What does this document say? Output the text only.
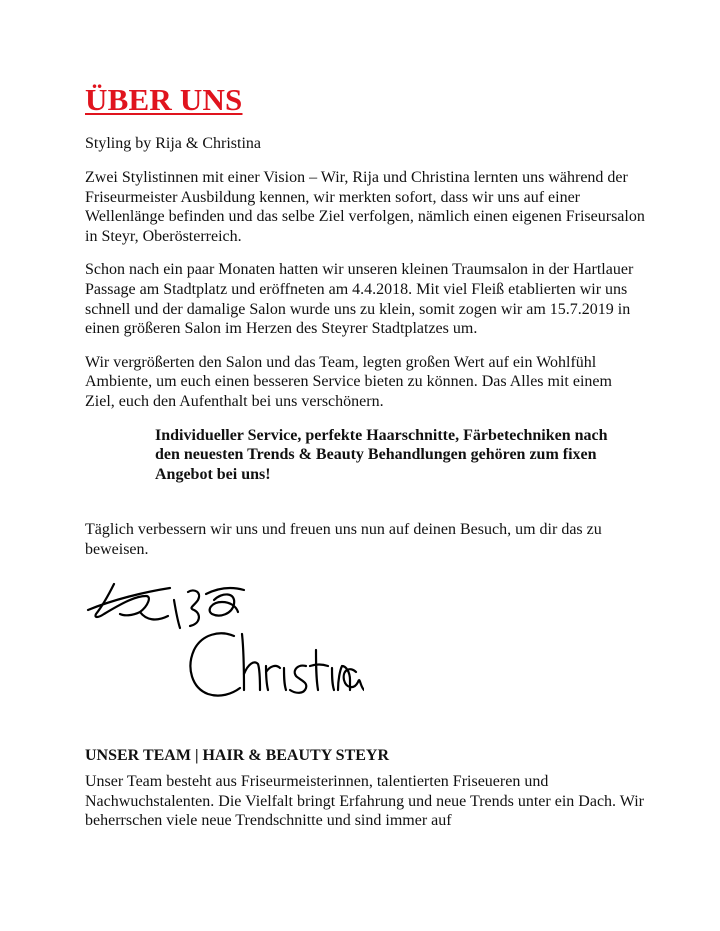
ÜBER UNS
Styling by Rija & Christina

Zwei Stylistinnen mit einer Vision – Wir, Rija und Christina lernten uns während der Friseurmeister Ausbildung kennen, wir merkten sofort, dass wir uns auf einer Wellenlänge befinden und das selbe Ziel verfolgen, nämlich einen eigenen Friseursalon in Steyr, Oberösterreich.

Schon nach ein paar Monaten hatten wir unseren kleinen Traumsalon in der Hartlauer Passage am Stadtplatz und eröffneten am 4.4.2018. Mit viel Fleiß etablierten wir uns schnell und der damalige Salon wurde uns zu klein, somit zogen wir am 15.7.2019 in einen größeren Salon im Herzen des Steyrer Stadtplatzes um.

Wir vergrößerten den Salon und das Team, legten großen Wert auf ein Wohlfühl Ambiente, um euch einen besseren Service bieten zu können. Das Alles mit einem Ziel, euch den Aufenthalt bei uns verschönern.

Individueller Service, perfekte Haarschnitte, Färbetechniken nach den neuesten Trends & Beauty Behandlungen gehören zum fixen Angebot bei uns!

Täglich verbessern wir uns und freuen uns nun auf deinen Besuch, um dir das zu beweisen.

UNSER TEAM | HAIR & BEAUTY STEYR

Unser Team besteht aus Friseurmeisterinnen, talentierten Friseueren und Nachwuchstalenten. Die Vielfalt bringt Erfahrung und neue Trends unter ein Dach. Wir beherrschen viele neue Trendschnitte und sind immer auf
